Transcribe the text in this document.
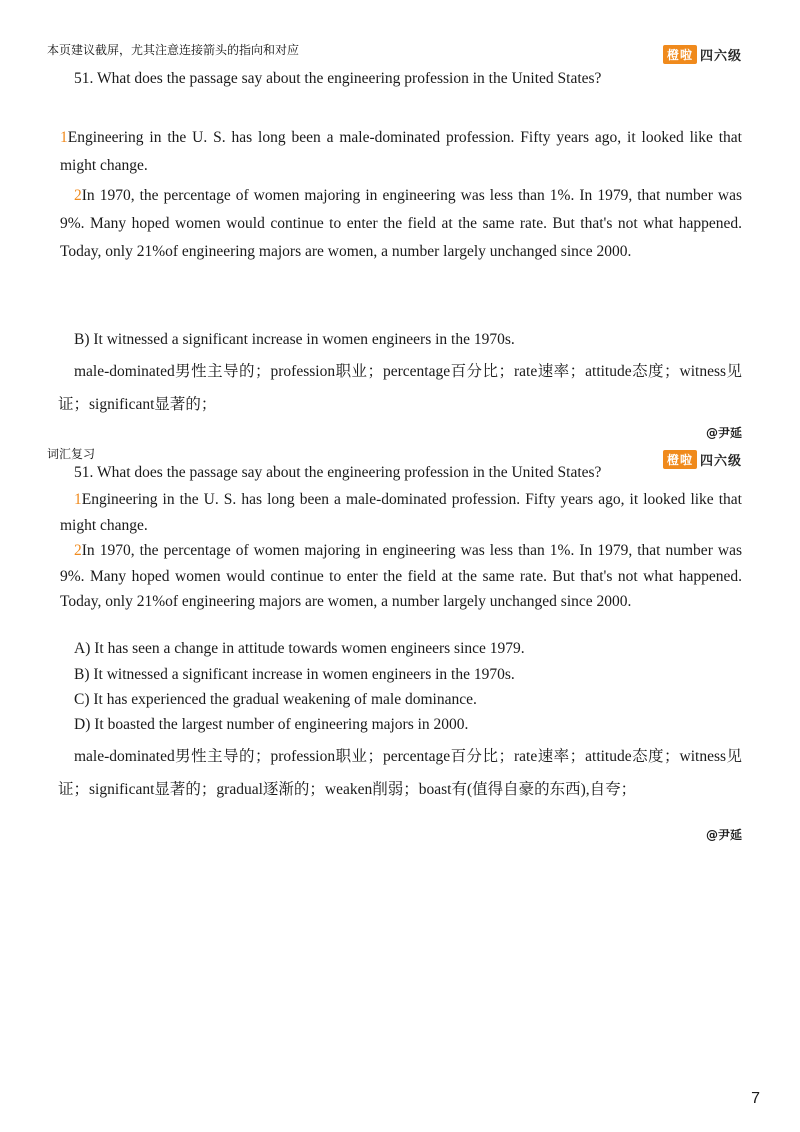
本页建议截屏，尤其注意连接箭头的指向和对应	橙啦 四六级
51. What does the passage say about the engineering profession in the United States?
1Engineering in the U. S. has long been a male-dominated profession. Fifty years ago, it looked like that might change.
2In 1970, the percentage of women majoring in engineering was less than 1%. In 1979, that number was 9%. Many hoped women would continue to enter the field at the same rate. But that's not what happened. Today, only 21%of engineering majors are women, a number largely unchanged since 2000.
B) It witnessed a significant increase in women engineers in the 1970s.
male-dominated男性主导的；profession职业；percentage百分比；rate速率；attitude态度；witness见证；significant显著的；
@尹延
词汇复习	橙啦 四六级
51. What does the passage say about the engineering profession in the United States?
1Engineering in the U. S. has long been a male-dominated profession. Fifty years ago, it looked like that might change.
2In 1970, the percentage of women majoring in engineering was less than 1%. In 1979, that number was 9%. Many hoped women would continue to enter the field at the same rate. But that's not what happened. Today, only 21%of engineering majors are women, a number largely unchanged since 2000.
A) It has seen a change in attitude towards women engineers since 1979.
B) It witnessed a significant increase in women engineers in the 1970s.
C) It has experienced the gradual weakening of male dominance.
D) It boasted the largest number of engineering majors in 2000.
male-dominated男性主导的；profession职业；percentage百分比；rate速率；attitude态度；witness见证；significant显著的；gradual逐渐的；weaken削弱；boast有(值得自豪的东西),自夸；
@尹延
7
